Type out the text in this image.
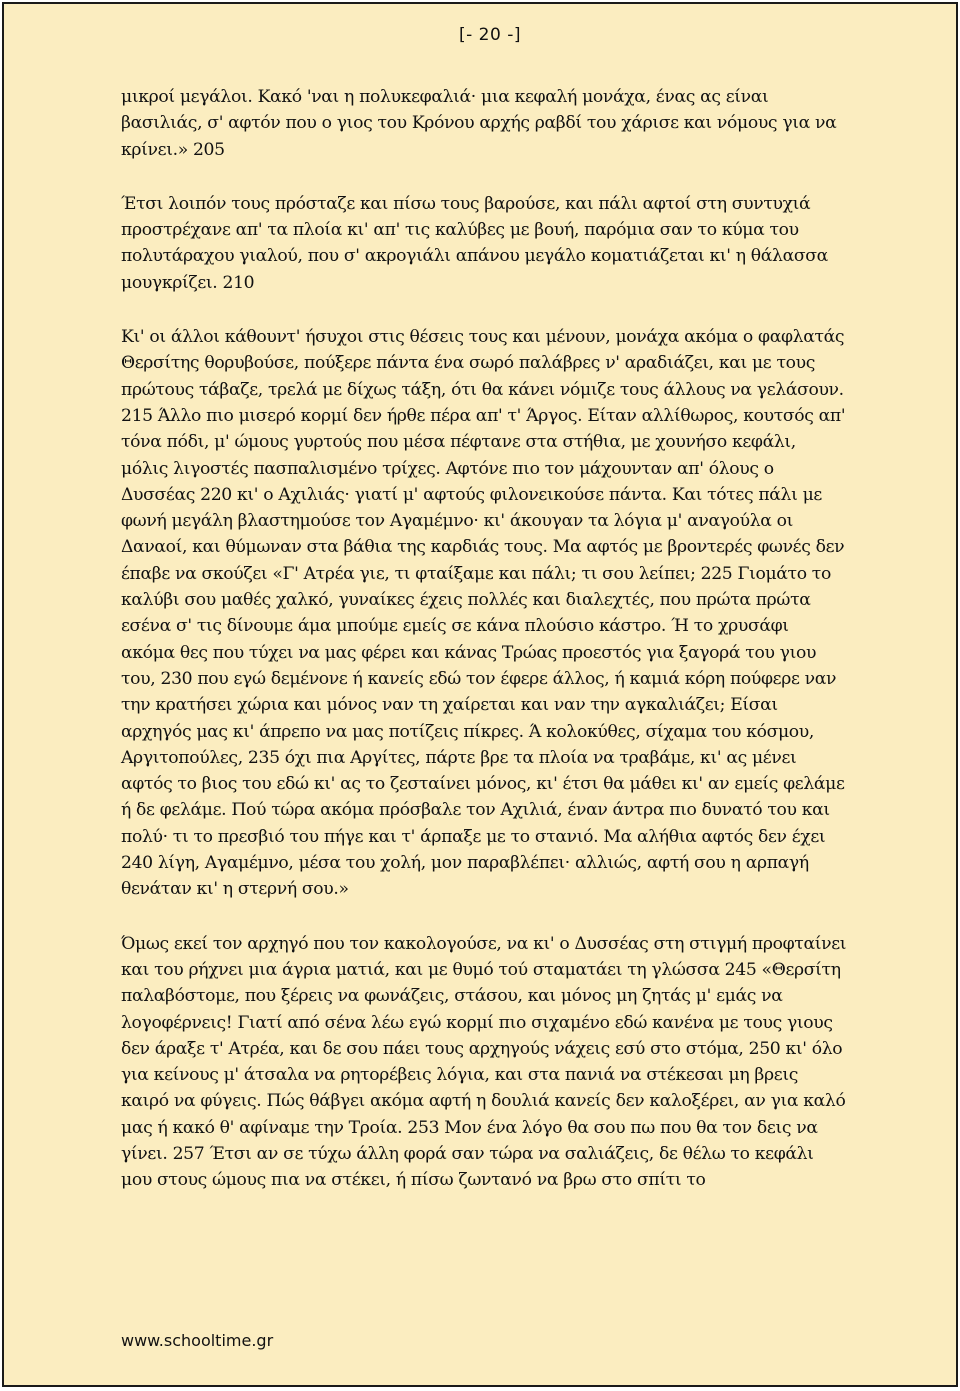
[- 20 -]

μικροί μεγάλοι. Κακό 'ναι η πολυκεφαλιά· μια κεφαλή μονάχα, ένας ας είναι βασιλιάς, σ' αφτόν που ο γιος του Κρόνου αρχής ραβδί του χάρισε και νόμους για να κρίνει.» 205

Έτσι λοιπόν τους πρόσταζε και πίσω τους βαρούσε, και πάλι αφτοί στη συντυχιά προστρέχανε απ' τα πλοία κι' απ' τις καλύβες με βουή, παρόμια σαν το κύμα του πολυτάραχου γιαλού, που σ' ακρογιάλι απάνου μεγάλο κοματιάζεται κι' η θάλασσα μουγκρίζει. 210

Κι' οι άλλοι κάθουντ' ήσυχοι στις θέσεις τους και μένουν, μονάχα ακόμα ο φαφλατάς Θερσίτης θορυβούσε, πούξερε πάντα ένα σωρό παλάβρες ν' αραδιάζει, και με τους πρώτους τάβαζε, τρελά με δίχως τάξη, ότι θα κάνει νόμιζε τους άλλους να γελάσουν. 215 Άλλο πιο μισερό κορμί δεν ήρθε πέρα απ' τ' Άργος. Είταν αλλίθωρος, κουτσός απ' τόνα πόδι, μ' ώμους γυρτούς που μέσα πέφτανε στα στήθια, με χουνήσο κεφάλι, μόλις λιγοστές πασπαλισμένο τρίχες. Αφτόνε πιο τον μάχουνταν απ' όλους ο Δυσσέας 220 κι' ο Αχιλιάς· γιατί μ' αφτούς φιλονεικούσε πάντα. Και τότες πάλι με φωνή μεγάλη βλαστημούσε τον Αγαμέμνο· κι' άκουγαν τα λόγια μ' αναγούλα οι Δαναοί, και θύμωναν στα βάθια της καρδιάς τους. Μα αφτός με βροντερές φωνές δεν έπαβε να σκούζει «Γ' Ατρέα γιε, τι φταίξαμε και πάλι; τι σου λείπει; 225 Γιομάτο το καλύβι σου μαθές χαλκό, γυναίκες έχεις πολλές και διαλεχτές, που πρώτα πρώτα εσένα σ' τις δίνουμε άμα μπούμε εμείς σε κάνα πλούσιο κάστρο. Ή το χρυσάφι ακόμα θες που τύχει να μας φέρει και κάνας Τρώας προεστός για ξαγορά του γιου του, 230 που εγώ δεμένονε ή κανείς εδώ τον έφερε άλλος, ή καμιά κόρη πούφερε ναν την κρατήσει χώρια και μόνος ναν τη χαίρεται και ναν την αγκαλιάζει; Είσαι αρχηγός μας κι' άπρεπο να μας ποτίζεις πίκρες. Ά κολοκύθες, σίχαμα του κόσμου, Αργιτοπούλες, 235 όχι πια Αργίτες, πάρτε βρε τα πλοία να τραβάμε, κι' ας μένει αφτός το βιος του εδώ κι' ας το ζεσταίνει μόνος, κι' έτσι θα μάθει κι' αν εμείς φελάμε ή δε φελάμε. Πού τώρα ακόμα πρόσβαλε τον Αχιλιά, έναν άντρα πιο δυνατό του και πολύ· τι το πρεσβιό του πήγε και τ' άρπαξε με το στανιό. Μα αλήθια αφτός δεν έχει 240 λίγη, Αγαμέμνο, μέσα του χολή, μον παραβλέπει· αλλιώς, αφτή σου η αρπαγή θενάταν κι' η στερνή σου.»

Όμως εκεί τον αρχηγό που τον κακολογούσε, να κι' ο Δυσσέας στη στιγμή προφταίνει και του ρήχνει μια άγρια ματιά, και με θυμό τού σταματάει τη γλώσσα 245 «Θερσίτη παλαβόστομε, που ξέρεις να φωνάζεις, στάσου, και μόνος μη ζητάς μ' εμάς να λογοφέρνεις! Γιατί από σένα λέω εγώ κορμί πιο σιχαμένο εδώ κανένα με τους γιους δεν άραξε τ' Ατρέα, και δε σου πάει τους αρχηγούς νάχεις εσύ στο στόμα, 250 κι' όλο για κείνους μ' άτσαλα να ρητορέβεις λόγια, και στα πανιά να στέκεσαι μη βρεις καιρό να φύγεις. Πώς θάβγει ακόμα αφτή η δουλιά κανείς δεν καλοξέρει, αν για καλό μας ή κακό θ' αφίναμε την Τροία. 253 Μον ένα λόγο θα σου πω που θα τον δεις να γίνει. 257 Έτσι αν σε τύχω άλλη φορά σαν τώρα να σαλιάζεις, δε θέλω το κεφάλι μου στους ώμους πια να στέκει, ή πίσω ζωντανό να βρω στο σπίτι το

www.schooltime.gr
